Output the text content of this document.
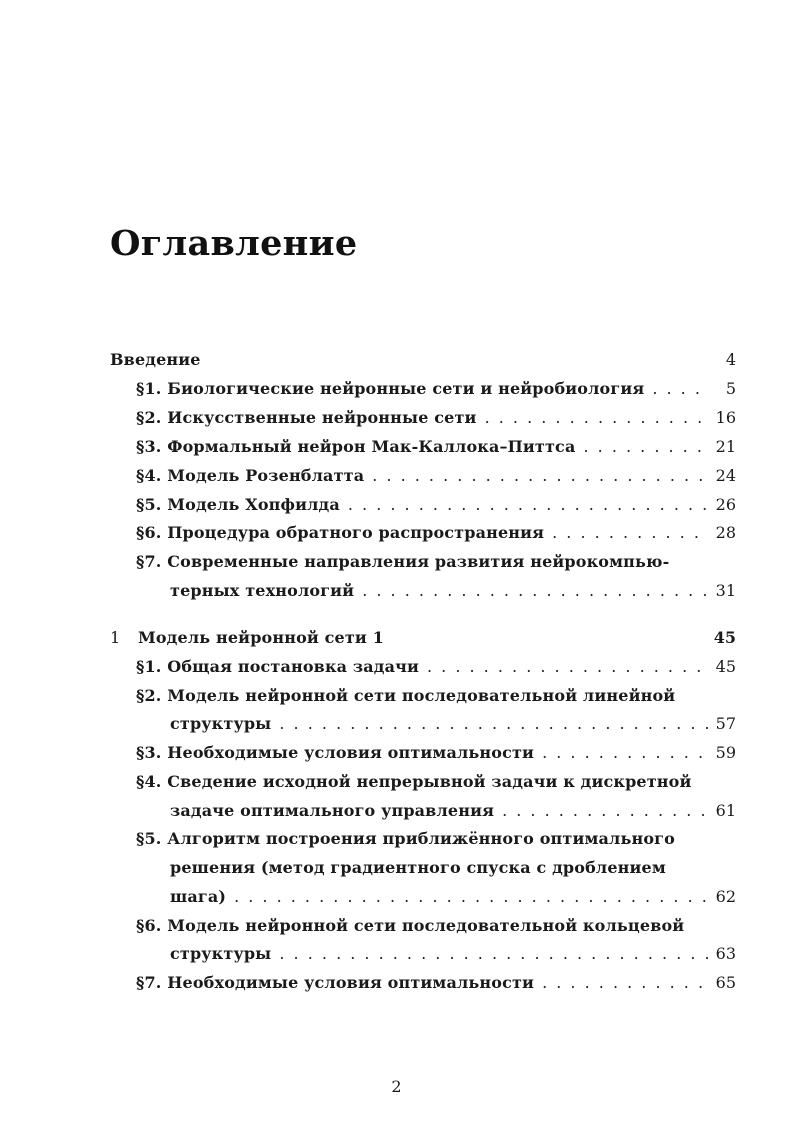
Оглавление
Введение	4
§1. Биологические нейронные сети и нейробиология . . .	5
§2. Искусственные нейронные сети . . .	16
§3. Формальный нейрон Мак-Каллока–Питтса . . .	21
§4. Модель Розенблатта . . .	24
§5. Модель Хопфилда . . .	26
§6. Процедура обратного распространения . . .	28
§7. Современные направления развития нейрокомпью-
терных технологий . . .	31
1	Модель нейронной сети 1	45
§1. Общая постановка задачи . . .	45
§2. Модель нейронной сети последовательной линейной
структуры . . .	57
§3. Необходимые условия оптимальности . . .	59
§4. Сведение исходной непрерывной задачи к дискретной
задаче оптимального управления . . .	61
§5. Алгоритм построения приближённого оптимального
решения (метод градиентного спуска с дроблением
шага) . . .	62
§6. Модель нейронной сети последовательной кольцевой
структуры . . .	63
§7. Необходимые условия оптимальности . . .	65
2
